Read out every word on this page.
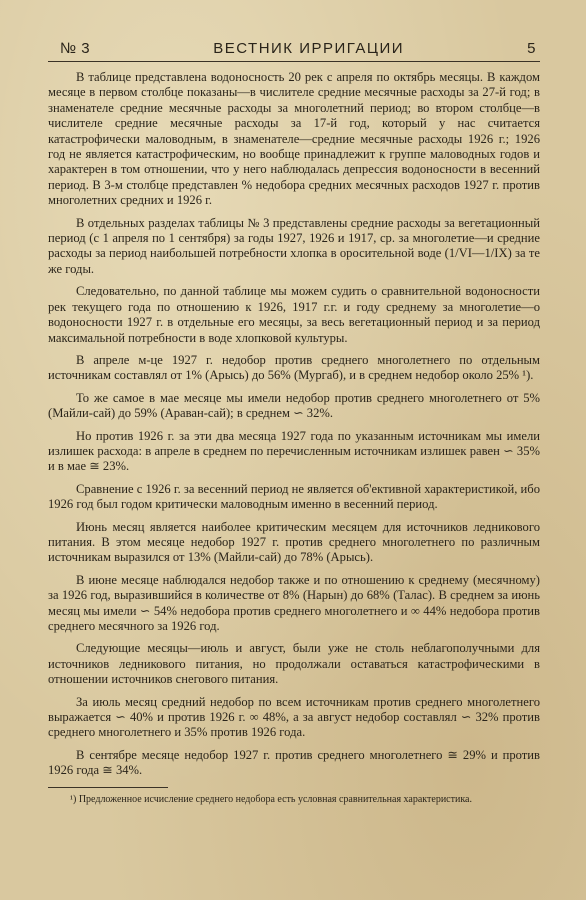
№ 3	ВЕСТНИК ИРРИГАЦИИ	5

В таблице представлена водоносность 20 рек с апреля по октябрь месяцы. В каждом месяце в первом столбце показаны—в числителе средние месячные расходы за 27-й год; в знаменателе средние месячные расходы за многолетний период; во втором столбце—в числителе средние месячные расходы за 17-й год, который у нас считается катастрофически маловодным, в знаменателе—средние месячные расходы 1926 г.; 1926 год не является катастрофическим, но вообще принадлежит к группе маловодных годов и характерен в том отношении, что у него наблюдалась депрессия водоносности в весенний период. В 3-м столбце представлен % недобора средних месячных расходов 1927 г. против многолетних средних и 1926 г.

В отдельных разделах таблицы № 3 представлены средние расходы за вегетационный период (с 1 апреля по 1 сентября) за годы 1927, 1926 и 1917, ср. за многолетие—и средние расходы за период наибольшей потребности хлопка в оросительной воде (1/VI—1/IX) за те же годы.

Следовательно, по данной таблице мы можем судить о сравнительной водоносности рек текущего года по отношению к 1926, 1917 г.г. и году среднему за многолетие—о водоносности 1927 г. в отдельные его месяцы, за весь вегетационный период и за период максимальной потребности в воде хлопковой культуры.

В апреле м-це 1927 г. недобор против среднего многолетнего по отдельным источникам составлял от 1% (Арысь) до 56% (Мургаб), и в среднем недобор около 25% ¹).

То же самое в мае месяце мы имели недобор против среднего многолетнего от 5% (Майли-сай) до 59% (Араван-сай); в среднем ∽ 32%.

Но против 1926 г. за эти два месяца 1927 года по указанным источникам мы имели излишек расхода: в апреле в среднем по перечисленным источникам излишек равен ∽ 35% и в мае ≅ 23%.

Сравнение с 1926 г. за весенний период не является об'ективной характеристикой, ибо 1926 год был годом критически маловодным именно в весенний период.

Июнь месяц является наиболее критическим месяцем для источников ледникового питания. В этом месяце недобор 1927 г. против среднего многолетнего по различным источникам выразился от 13% (Майли-сай) до 78% (Арысь).

В июне месяце наблюдался недобор также и по отношению к среднему (месячному) за 1926 год, выразившийся в количестве от 8% (Нарын) до 68% (Талас). В среднем за июнь месяц мы имели ∽ 54% недобора против среднего многолетнего и ∞ 44% недобора против среднего месячного за 1926 год.

Следующие месяцы—июль и август, были уже не столь неблагополучными для источников ледникового питания, но продолжали оставаться катастрофическими в отношении источников снегового питания.

За июль месяц средний недобор по всем источникам против среднего многолетнего выражается ∽ 40% и против 1926 г. ∞ 48%, а за август недобор составлял ∽ 32% против среднего многолетнего и 35% против 1926 года.

В сентябре месяце недобор 1927 г. против среднего многолетнего ≅ 29% и против 1926 года ≅ 34%.

¹) Предложенное исчисление среднего недобора есть условная сравнительная характеристика.
